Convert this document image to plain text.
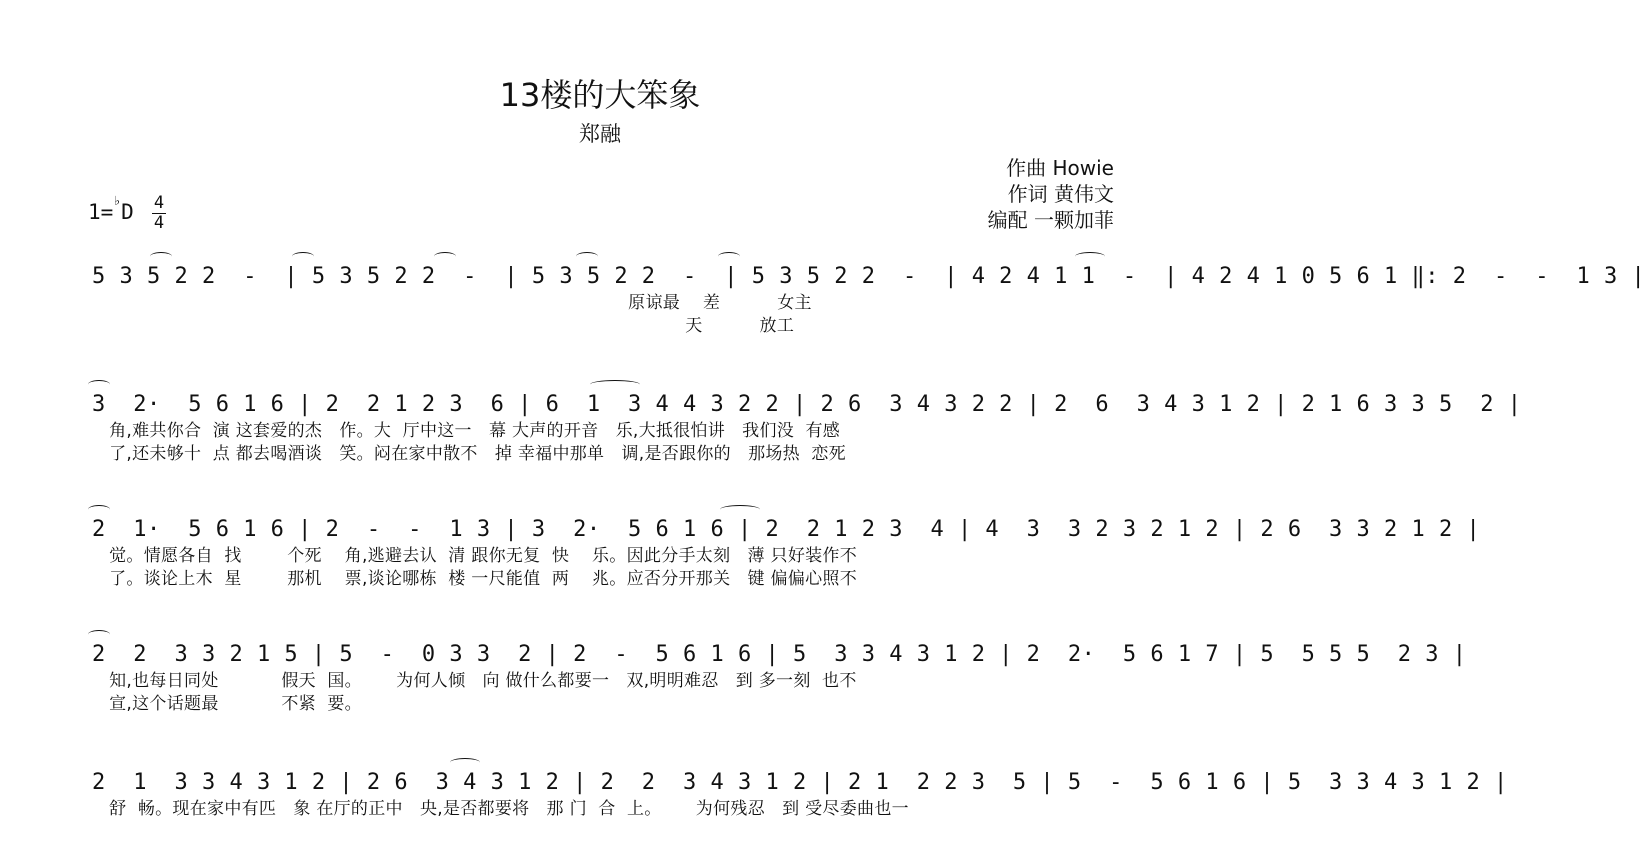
13楼的大笨象
郑融
作曲 Howie
作词 黄伟文
编配 一颗加菲
1=♭D 4
4
5 3 5 2 2  -  | 5 3 5 2 2  -  | 5 3 5 2 2  -  | 5 3 5 2 2  -  | 4 2 4 1 1  -  | 4 2 4 1 0 5 6 1 ‖: 2  -  -  1 3 |
原谅最    差          女主
天          放工
3  2·  5 6 1 6 | 2  2 1 2 3  6 | 6  1  3 4 4 3 2 2 | 2 6  3 4 3 2 2 | 2  6  3 4 3 1 2 | 2 1 6 3 3 5  2 |
角,难共你合  演 这套爱的杰   作。大  厅中这一   幕 大声的开音   乐,大抵很怕讲   我们没  有感
了,还未够十  点 都去喝酒谈   笑。闷在家中散不   掉 幸福中那单   调,是否跟你的   那场热  恋死
2  1·  5 6 1 6 | 2  -  -  1 3 | 3  2·  5 6 1 6 | 2  2 1 2 3  4 | 4  3  3 2 3 2 1 2 | 2 6  3 3 2 1 2 |
觉。情愿各自  找        个死    角,逃避去认  清 跟你无复  快    乐。因此分手太刻   薄 只好装作不
了。谈论上木  星        那机    票,谈论哪栋  楼 一尺能值  两    兆。应否分开那关   键 偏偏心照不
2  2  3 3 2 1 5 | 5  -  0 3 3  2 | 2  -  5 6 1 6 | 5  3 3 4 3 1 2 | 2  2·  5 6 1 7 | 5  5 5 5  2 3 |
知,也每日同处           假天  国。      为何人倾   向 做什么都要一   双,明明难忍   到 多一刻  也不
宣,这个话题最           不紧  要。
2  1  3 3 4 3 1 2 | 2 6  3 4 3 1 2 | 2  2  3 4 3 1 2 | 2 1  2 2 3  5 | 5  -  5 6 1 6 | 5  3 3 4 3 1 2 |
舒  畅。现在家中有匹   象 在厅的正中   央,是否都要将   那 门  合  上。      为何残忍   到 受尽委曲也一
